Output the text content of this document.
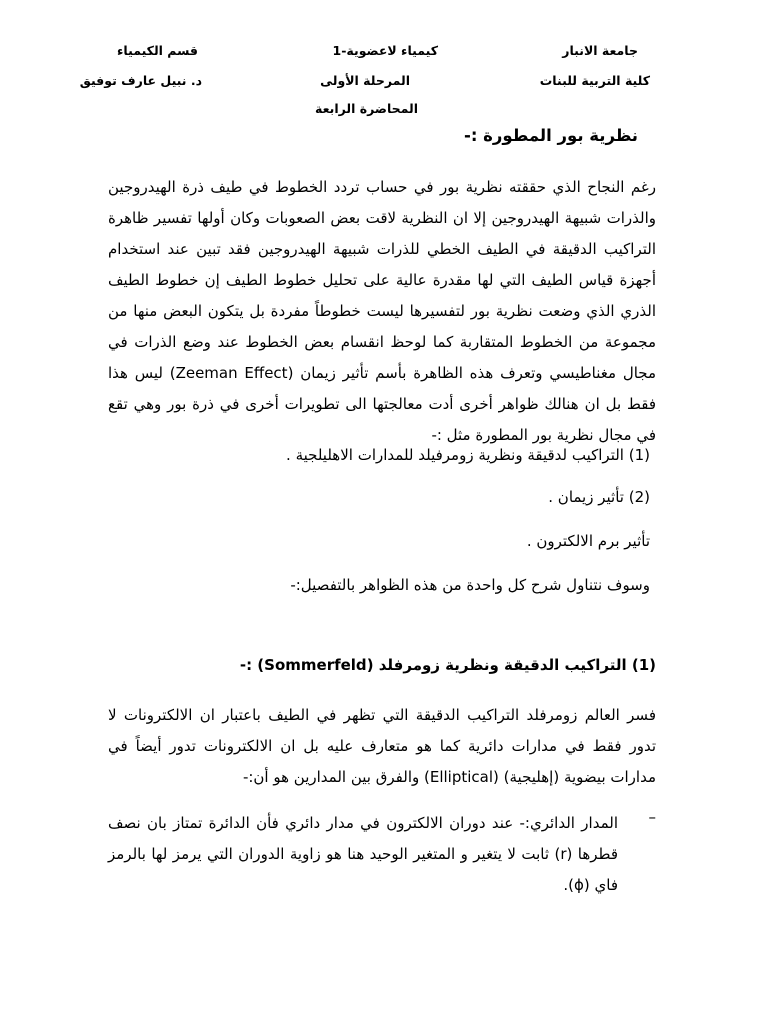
جامعة الانبار
كلية التربية للبنات
كيمياء لاعضوية-1
المرحلة الأولى
المحاضرة الرابعة
قسم الكيمياء
د. نبيل عارف توفيق
نظرية بور المطورة :-
رغم النجاح الذي حققته نظرية بور في حساب تردد الخطوط في طيف ذرة الهيدروجين والذرات شبيهة الهيدروجين إلا ان النظرية لاقت بعض الصعوبات وكان أولها تفسير ظاهرة التراكيب الدقيقة في الطيف الخطي للذرات شبيهة الهيدروجين فقد تبين عند استخدام أجهزة قياس الطيف التي لها مقدرة عالية على تحليل خطوط الطيف إن خطوط الطيف الذري الذي وضعت نظرية بور لتفسيرها ليست خطوطاً مفردة بل يتكون البعض منها من مجموعة من الخطوط المتقاربة كما لوحظ انقسام بعض الخطوط عند وضع الذرات في مجال مغناطيسي وتعرف هذه الظاهرة بأسم تأثير زيمان (Zeeman Effect) ليس هذا فقط بل ان هنالك ظواهر أخرى أدت معالجتها الى تطويرات أخرى في ذرة بور وهي تقع في مجال نظرية بور المطورة مثل :-
(1) التراكيب لدقيقة ونظرية زومرفيلد للمدارات الاهليلجية .
(2) تأثير زيمان .
تأثير برم الالكترون .
وسوف نتناول شرح كل واحدة من هذه الظواهر بالتفصيل:-
(1) التراكيب الدقيقة ونظرية زومرفلد (Sommerfeld) :-
فسر العالم زومرفلد التراكيب الدقيقة التي تظهر في الطيف باعتبار ان الالكترونات لا تدور فقط في مدارات دائرية كما هو متعارف عليه بل ان الالكترونات تدور أيضاً في مدارات بيضوية (إهليجية) (Elliptical) والفرق بين المدارين هو أن:-
–
المدار الدائري:- عند دوران الالكترون في مدار دائري فأن الدائرة تمتاز بان نصف قطرها (r) ثابت لا يتغير و المتغير الوحيد هنا هو زاوية الدوران التي يرمز لها بالرمز فاي (ϕ).
